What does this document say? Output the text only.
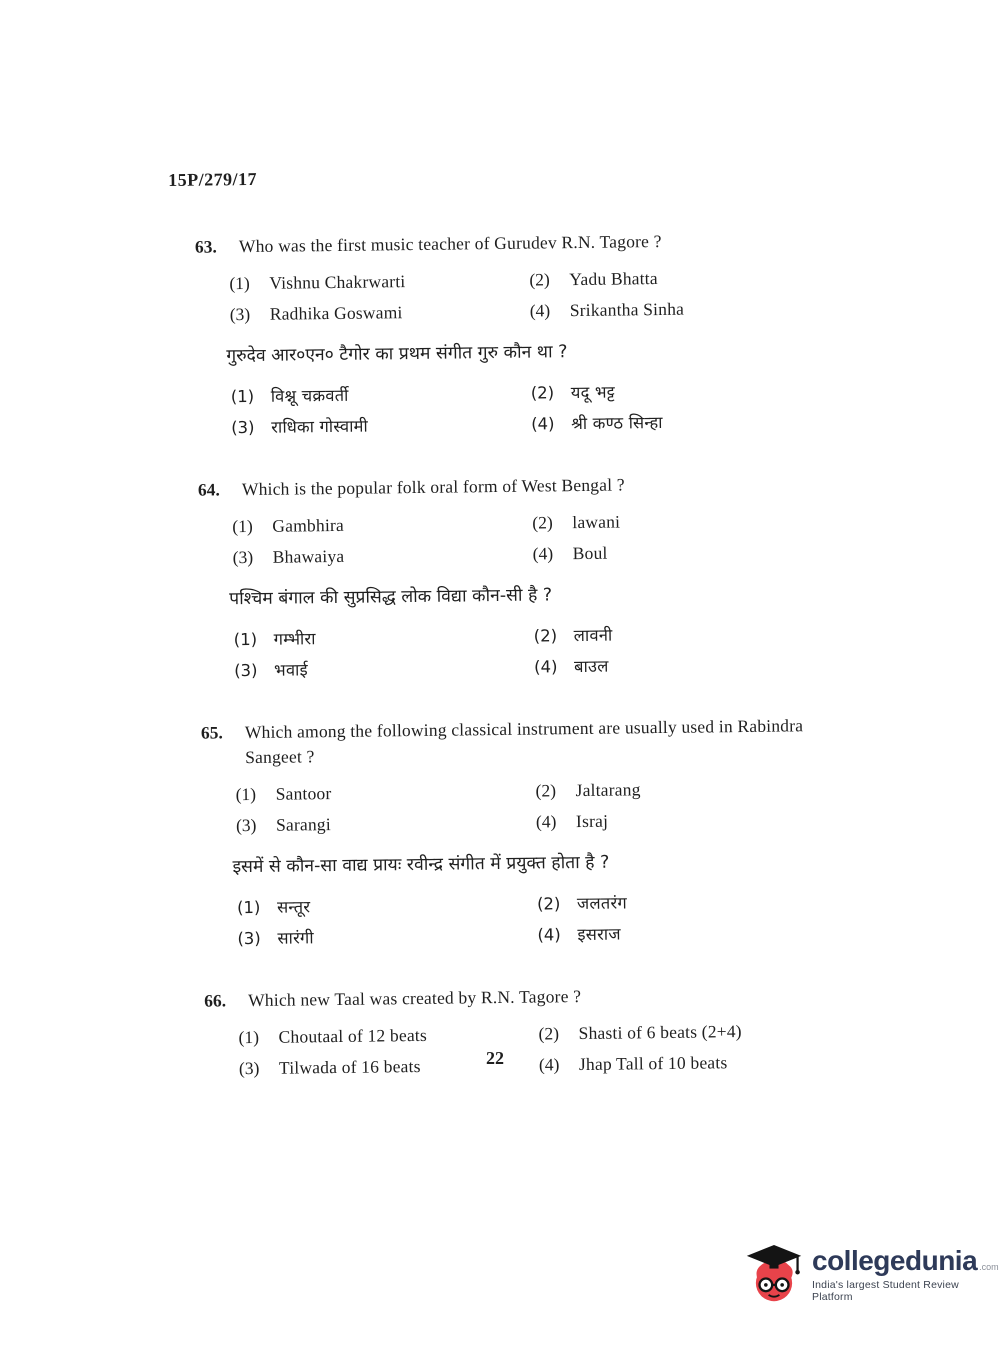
15P/279/17
63.	Who was the first music teacher of Gurudev R.N. Tagore ?
(1)	Vishnu Chakrwarti	(2)	Yadu Bhatta
(3)	Radhika Goswami	(4)	Srikantha Sinha
गुरुदेव आर०एन० टैगोर का प्रथम संगीत गुरु कौन था ?
(1) विश्नू चक्रवर्ती	(2) यदू भट्ट
(3) राधिका गोस्वामी	(4) श्री कण्ठ सिन्हा
64.	Which is the popular folk oral form of West Bengal ?
(1)	Gambhira	(2)	lawani
(3)	Bhawaiya	(4)	Boul
पश्चिम बंगाल की सुप्रसिद्ध लोक विद्या कौन-सी है ?
(1) गम्भीरा	(2) लावनी
(3) भवाई	(4) बाउल
65.	Which among the following classical instrument are usually used in Rabindra Sangeet ?
(1)	Santoor	(2)	Jaltarang
(3)	Sarangi	(4)	Israj
इसमें से कौन-सा वाद्य प्रायः रवीन्द्र संगीत में प्रयुक्त होता है ?
(1) सन्तूर	(2) जलतरंग
(3) सारंगी	(4) इसराज
66.	Which new Taal was created by R.N. Tagore ?
(1)	Choutaal of 12 beats	(2)	Shasti of 6 beats (2+4)
(3)	Tilwada of 16 beats	(4)	Jhap Tall of 10 beats
22
collegedunia .com
India's largest Student Review Platform
